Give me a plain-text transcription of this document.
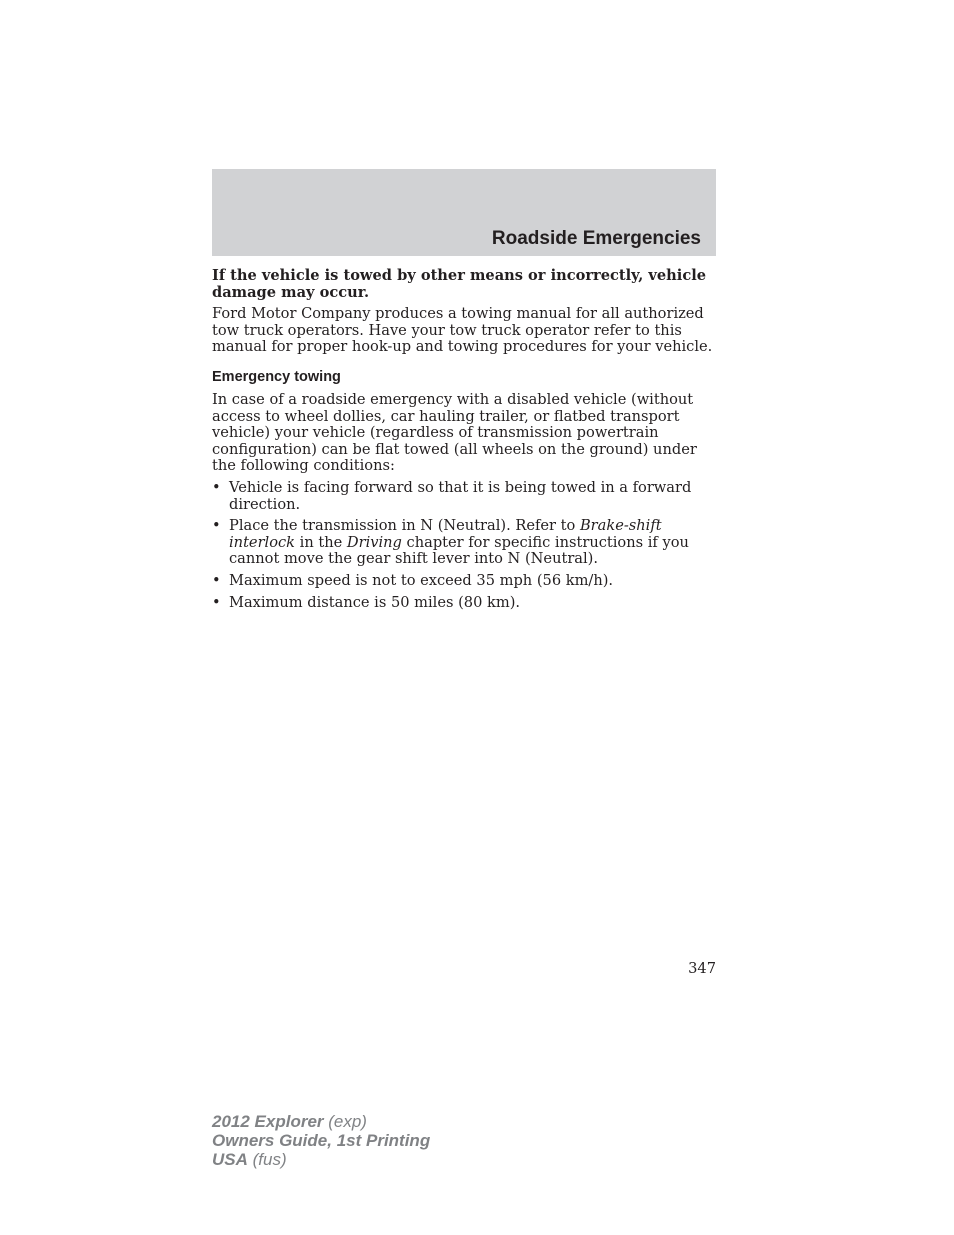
Roadside Emergencies

If the vehicle is towed by other means or incorrectly, vehicle damage may occur.

Ford Motor Company produces a towing manual for all authorized tow truck operators. Have your tow truck operator refer to this manual for proper hook-up and towing procedures for your vehicle.

Emergency towing

In case of a roadside emergency with a disabled vehicle (without access to wheel dollies, car hauling trailer, or flatbed transport vehicle) your vehicle (regardless of transmission powertrain configuration) can be flat towed (all wheels on the ground) under the following conditions:

• Vehicle is facing forward so that it is being towed in a forward direction.
• Place the transmission in N (Neutral). Refer to Brake-shift interlock in the Driving chapter for specific instructions if you cannot move the gear shift lever into N (Neutral).
• Maximum speed is not to exceed 35 mph (56 km/h).
• Maximum distance is 50 miles (80 km).
347
2012 Explorer (exp)
Owners Guide, 1st Printing
USA (fus)
